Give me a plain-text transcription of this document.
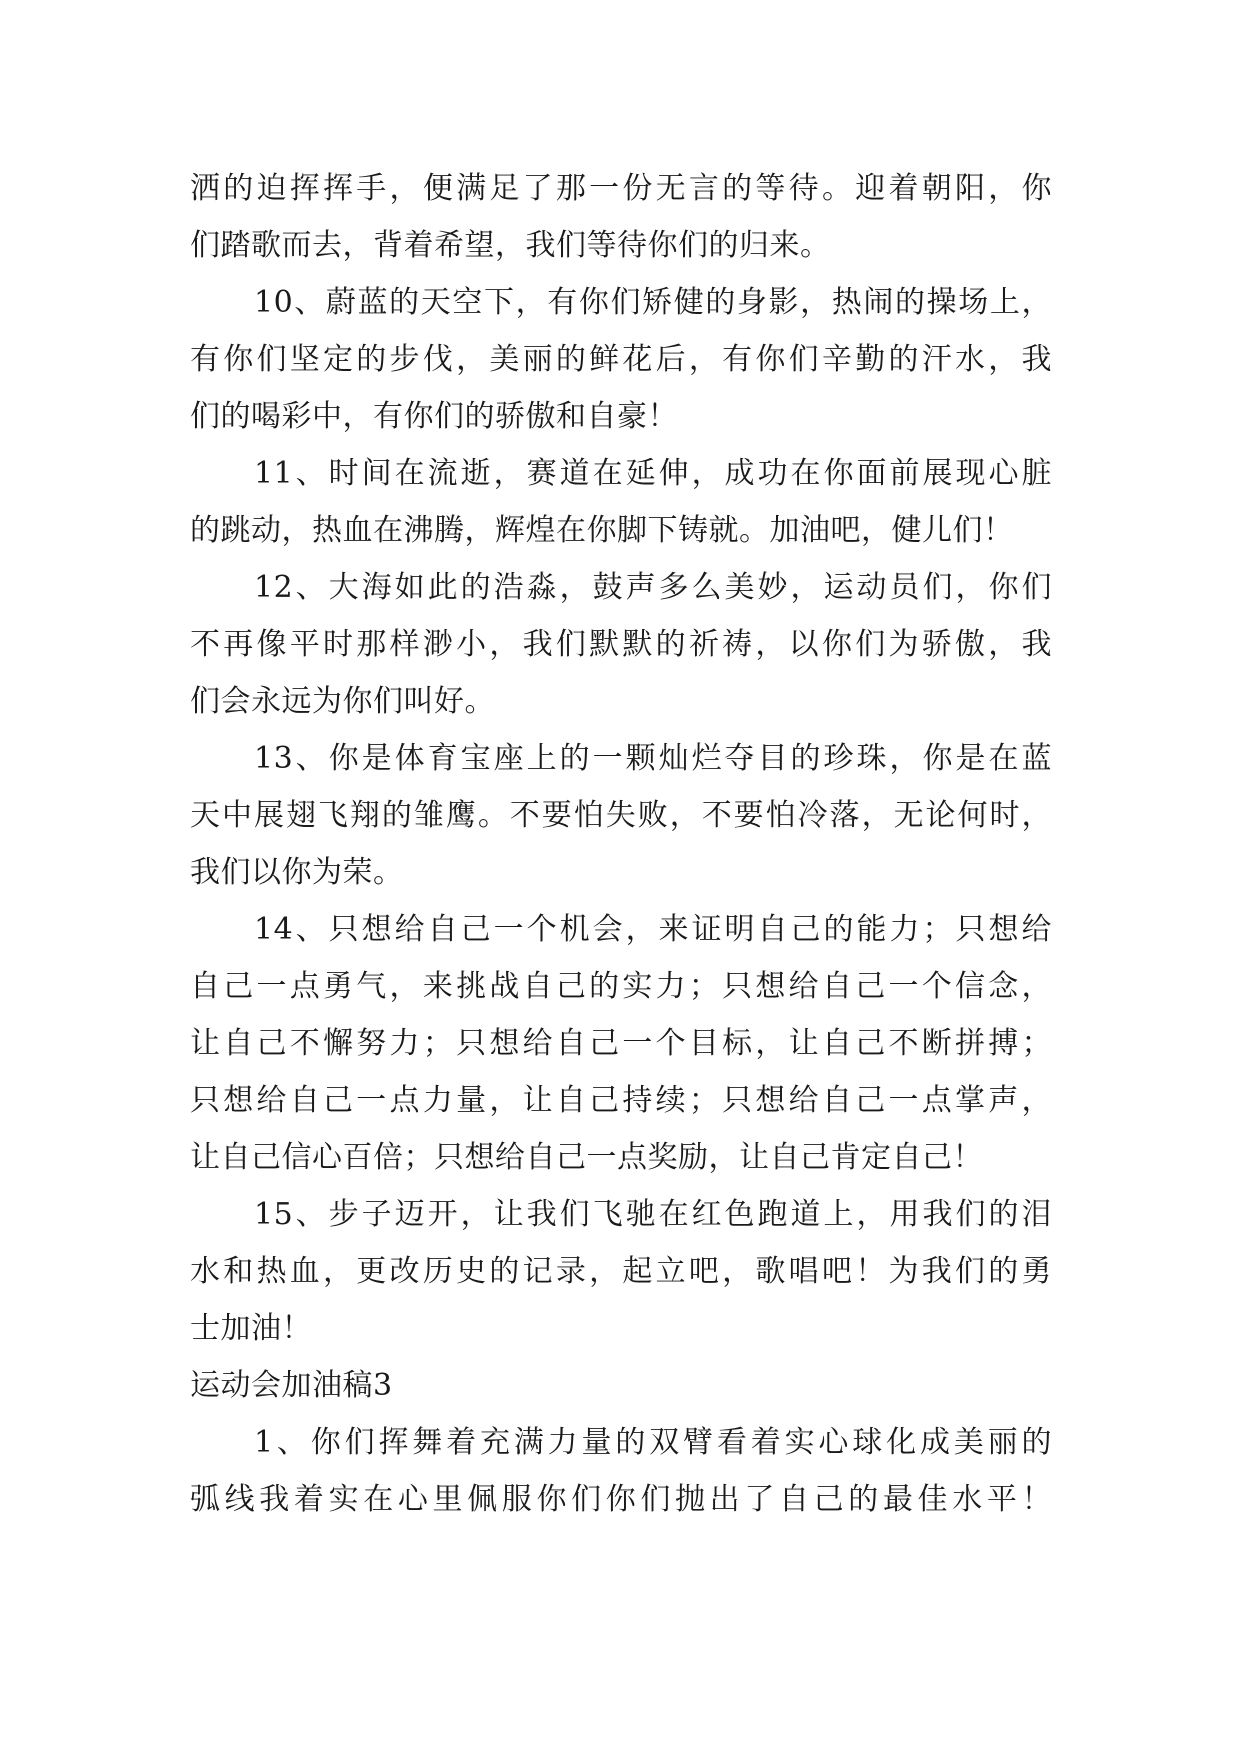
洒的迫挥挥手，便满足了那一份无言的等待。迎着朝阳，你
们踏歌而去，背着希望，我们等待你们的归来。
10、蔚蓝的天空下，有你们矫健的身影，热闹的操场上，
有你们坚定的步伐，美丽的鲜花后，有你们辛勤的汗水，我
们的喝彩中，有你们的骄傲和自豪！
11、时间在流逝，赛道在延伸，成功在你面前展现心脏
的跳动，热血在沸腾，辉煌在你脚下铸就。加油吧，健儿们！
12、大海如此的浩淼，鼓声多么美妙，运动员们，你们
不再像平时那样渺小，我们默默的祈祷，以你们为骄傲，我
们会永远为你们叫好。
13、你是体育宝座上的一颗灿烂夺目的珍珠，你是在蓝
天中展翅飞翔的雏鹰。不要怕失败，不要怕冷落，无论何时，
我们以你为荣。
14、只想给自己一个机会，来证明自己的能力；只想给
自己一点勇气，来挑战自己的实力；只想给自己一个信念，
让自己不懈努力；只想给自己一个目标，让自己不断拼搏；
只想给自己一点力量，让自己持续；只想给自己一点掌声，
让自己信心百倍；只想给自己一点奖励，让自己肯定自己！
15、步子迈开，让我们飞驰在红色跑道上，用我们的泪
水和热血，更改历史的记录，起立吧，歌唱吧！为我们的勇
士加油！
运动会加油稿3
1、你们挥舞着充满力量的双臂看着实心球化成美丽的
弧线我着实在心里佩服你们你们抛出了自己的最佳水平！
